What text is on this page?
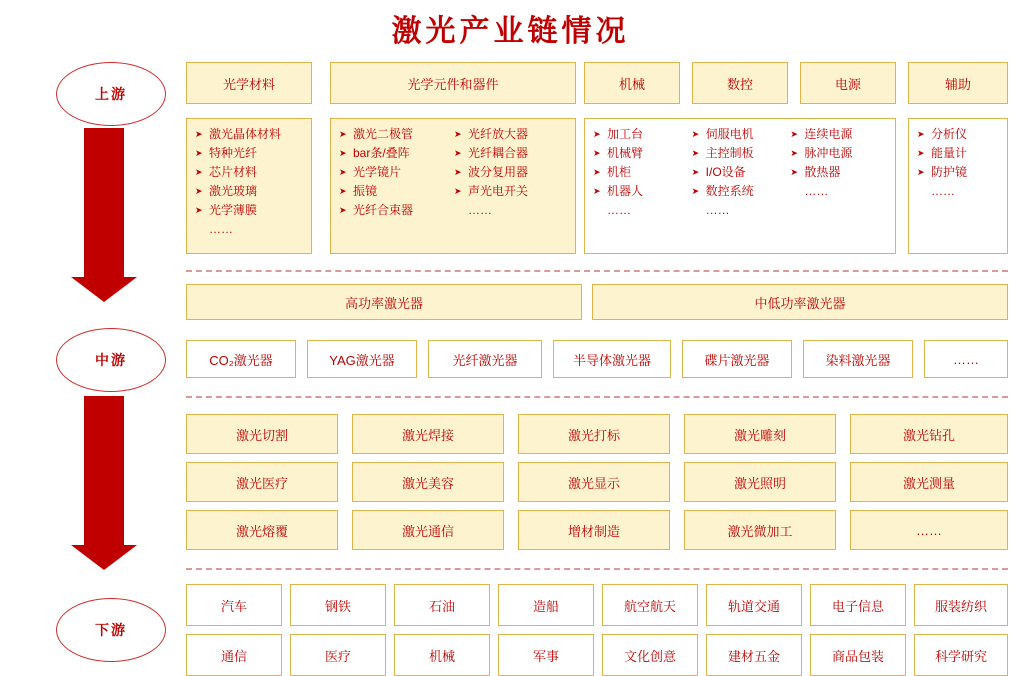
激光产业链情况
上游
中游
下游
光学材料	光学元件和器件	机械	数控	电源	辅助
➤ 激光晶体材料
➤ 特种光纤
➤ 芯片材料
➤ 激光玻璃
➤ 光学薄膜
……
➤ 激光二极管
➤ bar条/叠阵
➤ 光学镜片
➤ 振镜
➤ 光纤合束器
➤ 光纤放大器
➤ 光纤耦合器
➤ 波分复用器
➤ 声光电开关
……
➤ 加工台
➤ 机械臂
➤ 机柜
➤ 机器人
……
➤ 伺服电机
➤ 主控制板
➤ I/O设备
➤ 数控系统
……
➤ 连续电源
➤ 脉冲电源
➤ 散热器
……
➤ 分析仪
➤ 能量计
➤ 防护镜
……
高功率激光器	中低功率激光器
CO₂激光器	YAG激光器	光纤激光器	半导体激光器	碟片激光器	染料激光器	……
激光切割	激光焊接	激光打标	激光雕刻	激光钻孔
激光医疗	激光美容	激光显示	激光照明	激光测量
激光熔覆	激光通信	增材制造	激光微加工	……
汽车	钢铁	石油	造船	航空航天	轨道交通	电子信息	服装纺织
通信	医疗	机械	军事	文化创意	建材五金	商品包装	科学研究
